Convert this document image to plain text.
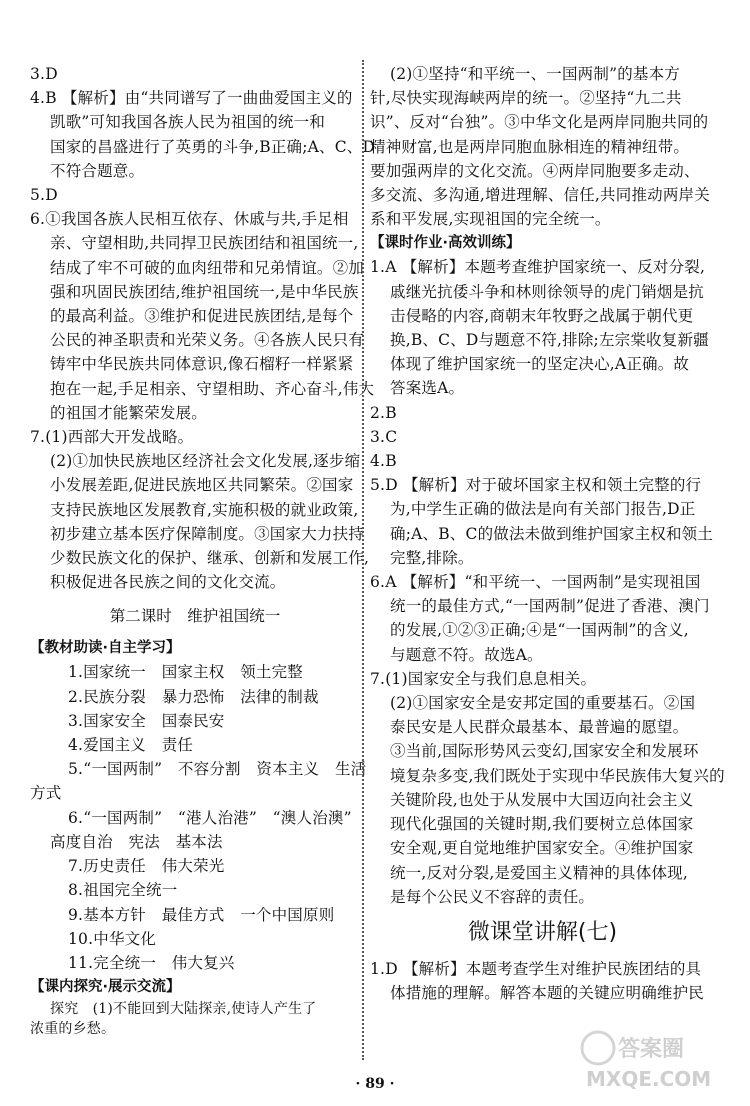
3.D
4.B 【解析】由“共同谱写了一曲曲爱国主义的
凯歌”可知我国各族人民为祖国的统一和
国家的昌盛进行了英勇的斗争,B正确;A、C、D
不符合题意。
5.D
6.①我国各族人民相互依存、休戚与共,手足相
亲、守望相助,共同捍卫民族团结和祖国统一,
结成了牢不可破的血肉纽带和兄弟情谊。②加
强和巩固民族团结,维护祖国统一,是中华民族
的最高利益。③维护和促进民族团结,是每个
公民的神圣职责和光荣义务。④各族人民只有
铸牢中华民族共同体意识,像石榴籽一样紧紧
抱在一起,手足相亲、守望相助、齐心奋斗,伟大
的祖国才能繁荣发展。
7.(1)西部大开发战略。
(2)①加快民族地区经济社会文化发展,逐步缩
小发展差距,促进民族地区共同繁荣。②国家
支持民族地区发展教育,实施积极的就业政策,
初步建立基本医疗保障制度。③国家大力扶持
少数民族文化的保护、继承、创新和发展工作,
积极促进各民族之间的文化交流。
第二课时　维护祖国统一
【教材助读·自主学习】
1.国家统一　国家主权　领土完整
2.民族分裂　暴力恐怖　法律的制裁
3.国家安全　国泰民安
4.爱国主义　责任
5.“一国两制”　不容分割　资本主义　生活
方式
6.“一国两制”　“港人治港”　“澳人治澳”
高度自治　宪法　基本法
7.历史责任　伟大荣光
8.祖国完全统一
9.基本方针　最佳方式　一个中国原则
10.中华文化
11.完全统一　伟大复兴
【课内探究·展示交流】
探究　(1)不能回到大陆探亲,使诗人产生了
浓重的乡愁。
(2)①坚持“和平统一、一国两制”的基本方
针,尽快实现海峡两岸的统一。②坚持“九二共
识”、反对“台独”。③中华文化是两岸同胞共同的
精神财富,也是两岸同胞血脉相连的精神纽带。
要加强两岸的文化交流。④两岸同胞要多走动、
多交流、多沟通,增进理解、信任,共同推动两岸关
系和平发展,实现祖国的完全统一。
【课时作业·高效训练】
1.A 【解析】本题考查维护国家统一、反对分裂,
戚继光抗倭斗争和林则徐领导的虎门销烟是抗
击侵略的内容,商朝末年牧野之战属于朝代更
换,B、C、D与题意不符,排除;左宗棠收复新疆
体现了维护国家统一的坚定决心,A正确。故
答案选A。
2.B
3.C
4.B
5.D 【解析】对于破坏国家主权和领土完整的行
为,中学生正确的做法是向有关部门报告,D正
确;A、B、C的做法未做到维护国家主权和领土
完整,排除。
6.A 【解析】“和平统一、一国两制”是实现祖国
统一的最佳方式,“一国两制”促进了香港、澳门
的发展,①②③正确;④是“一国两制”的含义,
与题意不符。故选A。
7.(1)国家安全与我们息息相关。
(2)①国家安全是安邦定国的重要基石。②国
泰民安是人民群众最基本、最普遍的愿望。
③当前,国际形势风云变幻,国家安全和发展环
境复杂多变,我们既处于实现中华民族伟大复兴的
关键阶段,也处于从发展中大国迈向社会主义
现代化强国的关键时期,我们要树立总体国家
安全观,更自觉地维护国家安全。④维护国家
统一,反对分裂,是爱国主义精神的具体体现,
是每个公民义不容辞的责任。
微课堂讲解(七)
1.D 【解析】本题考查学生对维护民族团结的具
体措施的理解。解答本题的关键应明确维护民
· 89 ·
答案圈
MXQE.COM
